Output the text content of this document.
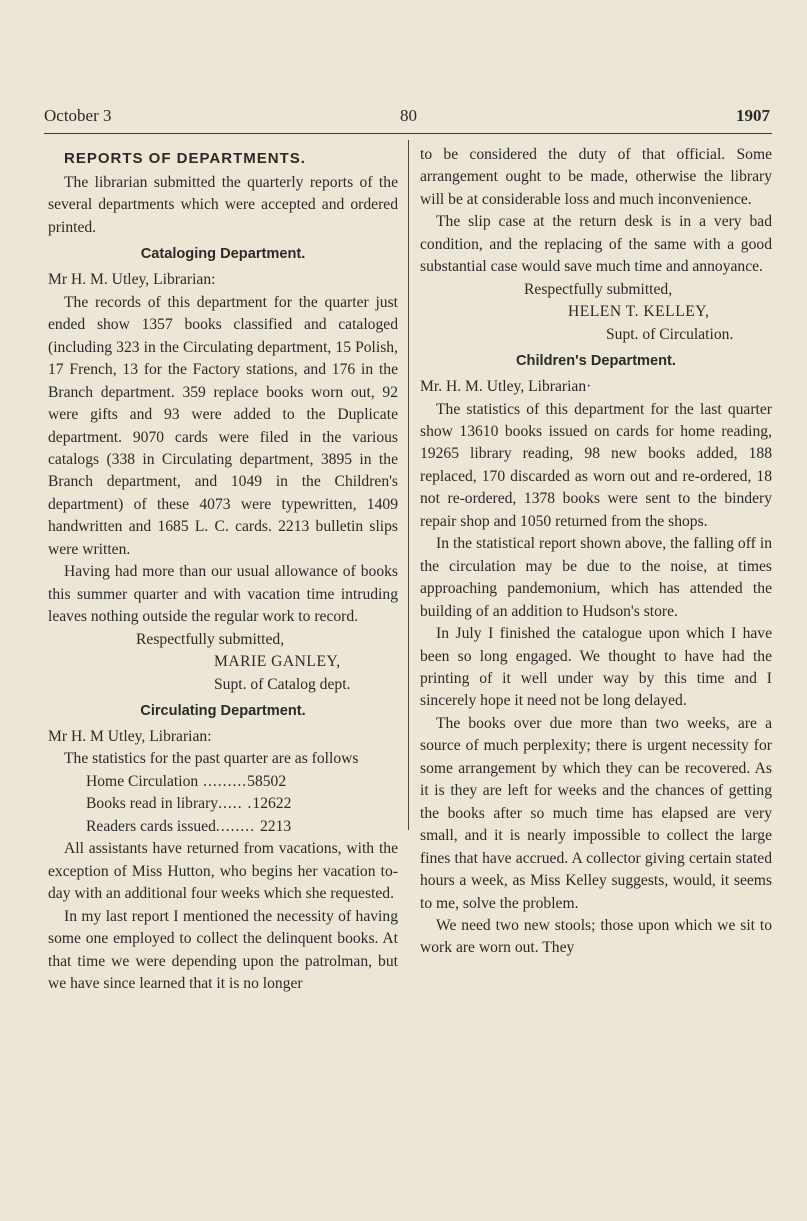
October 3	80	1907
REPORTS OF DEPARTMENTS.

The librarian submitted the quarterly reports of the several departments which were accepted and ordered printed.

Cataloging Department.

Mr H. M. Utley, Librarian:

The records of this department for the quarter just ended show 1357 books classified and cataloged (including 323 in the Circulating department, 15 Polish, 17 French, 13 for the Factory stations, and 176 in the Branch department. 359 replace books worn out, 92 were gifts and 93 were added to the Duplicate department. 9070 cards were filed in the various catalogs (338 in Circulating department, 3895 in the Branch department, and 1049 in the Children's department) of these 4073 were typewritten, 1409 handwritten and 1685 L. C. cards. 2213 bulletin slips were written.

Having had more than our usual allowance of books this summer quarter and with vacation time intruding leaves nothing outside the regular work to record.

Respectfully submitted,
MARIE GANLEY,
Supt. of Catalog dept.
Circulating Department.

Mr H. M Utley, Librarian:

The statistics for the past quarter are as follows

Home Circulation .........58502
Books read in library..... .12622
Readers cards issued........ 2213

All assistants have returned from vacations, with the exception of Miss Hutton, who begins her vacation to-day with an additional four weeks which she requested.

In my last report I mentioned the necessity of having some one employed to collect the delinquent books. At that time we were depending upon the patrolman, but we have since learned that it is no longer

to be considered the duty of that official. Some arrangement ought to be made, otherwise the library will be at considerable loss and much inconvenience.

The slip case at the return desk is in a very bad condition, and the replacing of the same with a good substantial case would save much time and annoyance.

Respectfully submitted,
HELEN T. KELLEY,
Supt. of Circulation.
Children's Department.

Mr. H. M. Utley, Librarian·

The statistics of this department for the last quarter show 13610 books issued on cards for home reading, 19265 library reading, 98 new books added, 188 replaced, 170 discarded as worn out and re-ordered, 18 not re-ordered, 1378 books were sent to the bindery repair shop and 1050 returned from the shops.

In the statistical report shown above, the falling off in the circulation may be due to the noise, at times approaching pandemonium, which has attended the building of an addition to Hudson's store.

In July I finished the catalogue upon which I have been so long engaged. We thought to have had the printing of it well under way by this time and I sincerely hope it need not be long delayed.

The books over due more than two weeks, are a source of much perplexity; there is urgent necessity for some arrangement by which they can be recovered. As it is they are left for weeks and the chances of getting the books after so much time has elapsed are very small, and it is nearly impossible to collect the large fines that have accrued. A collector giving certain stated hours a week, as Miss Kelley suggests, would, it seems to me, solve the problem.

We need two new stools; those upon which we sit to work are worn out. They
